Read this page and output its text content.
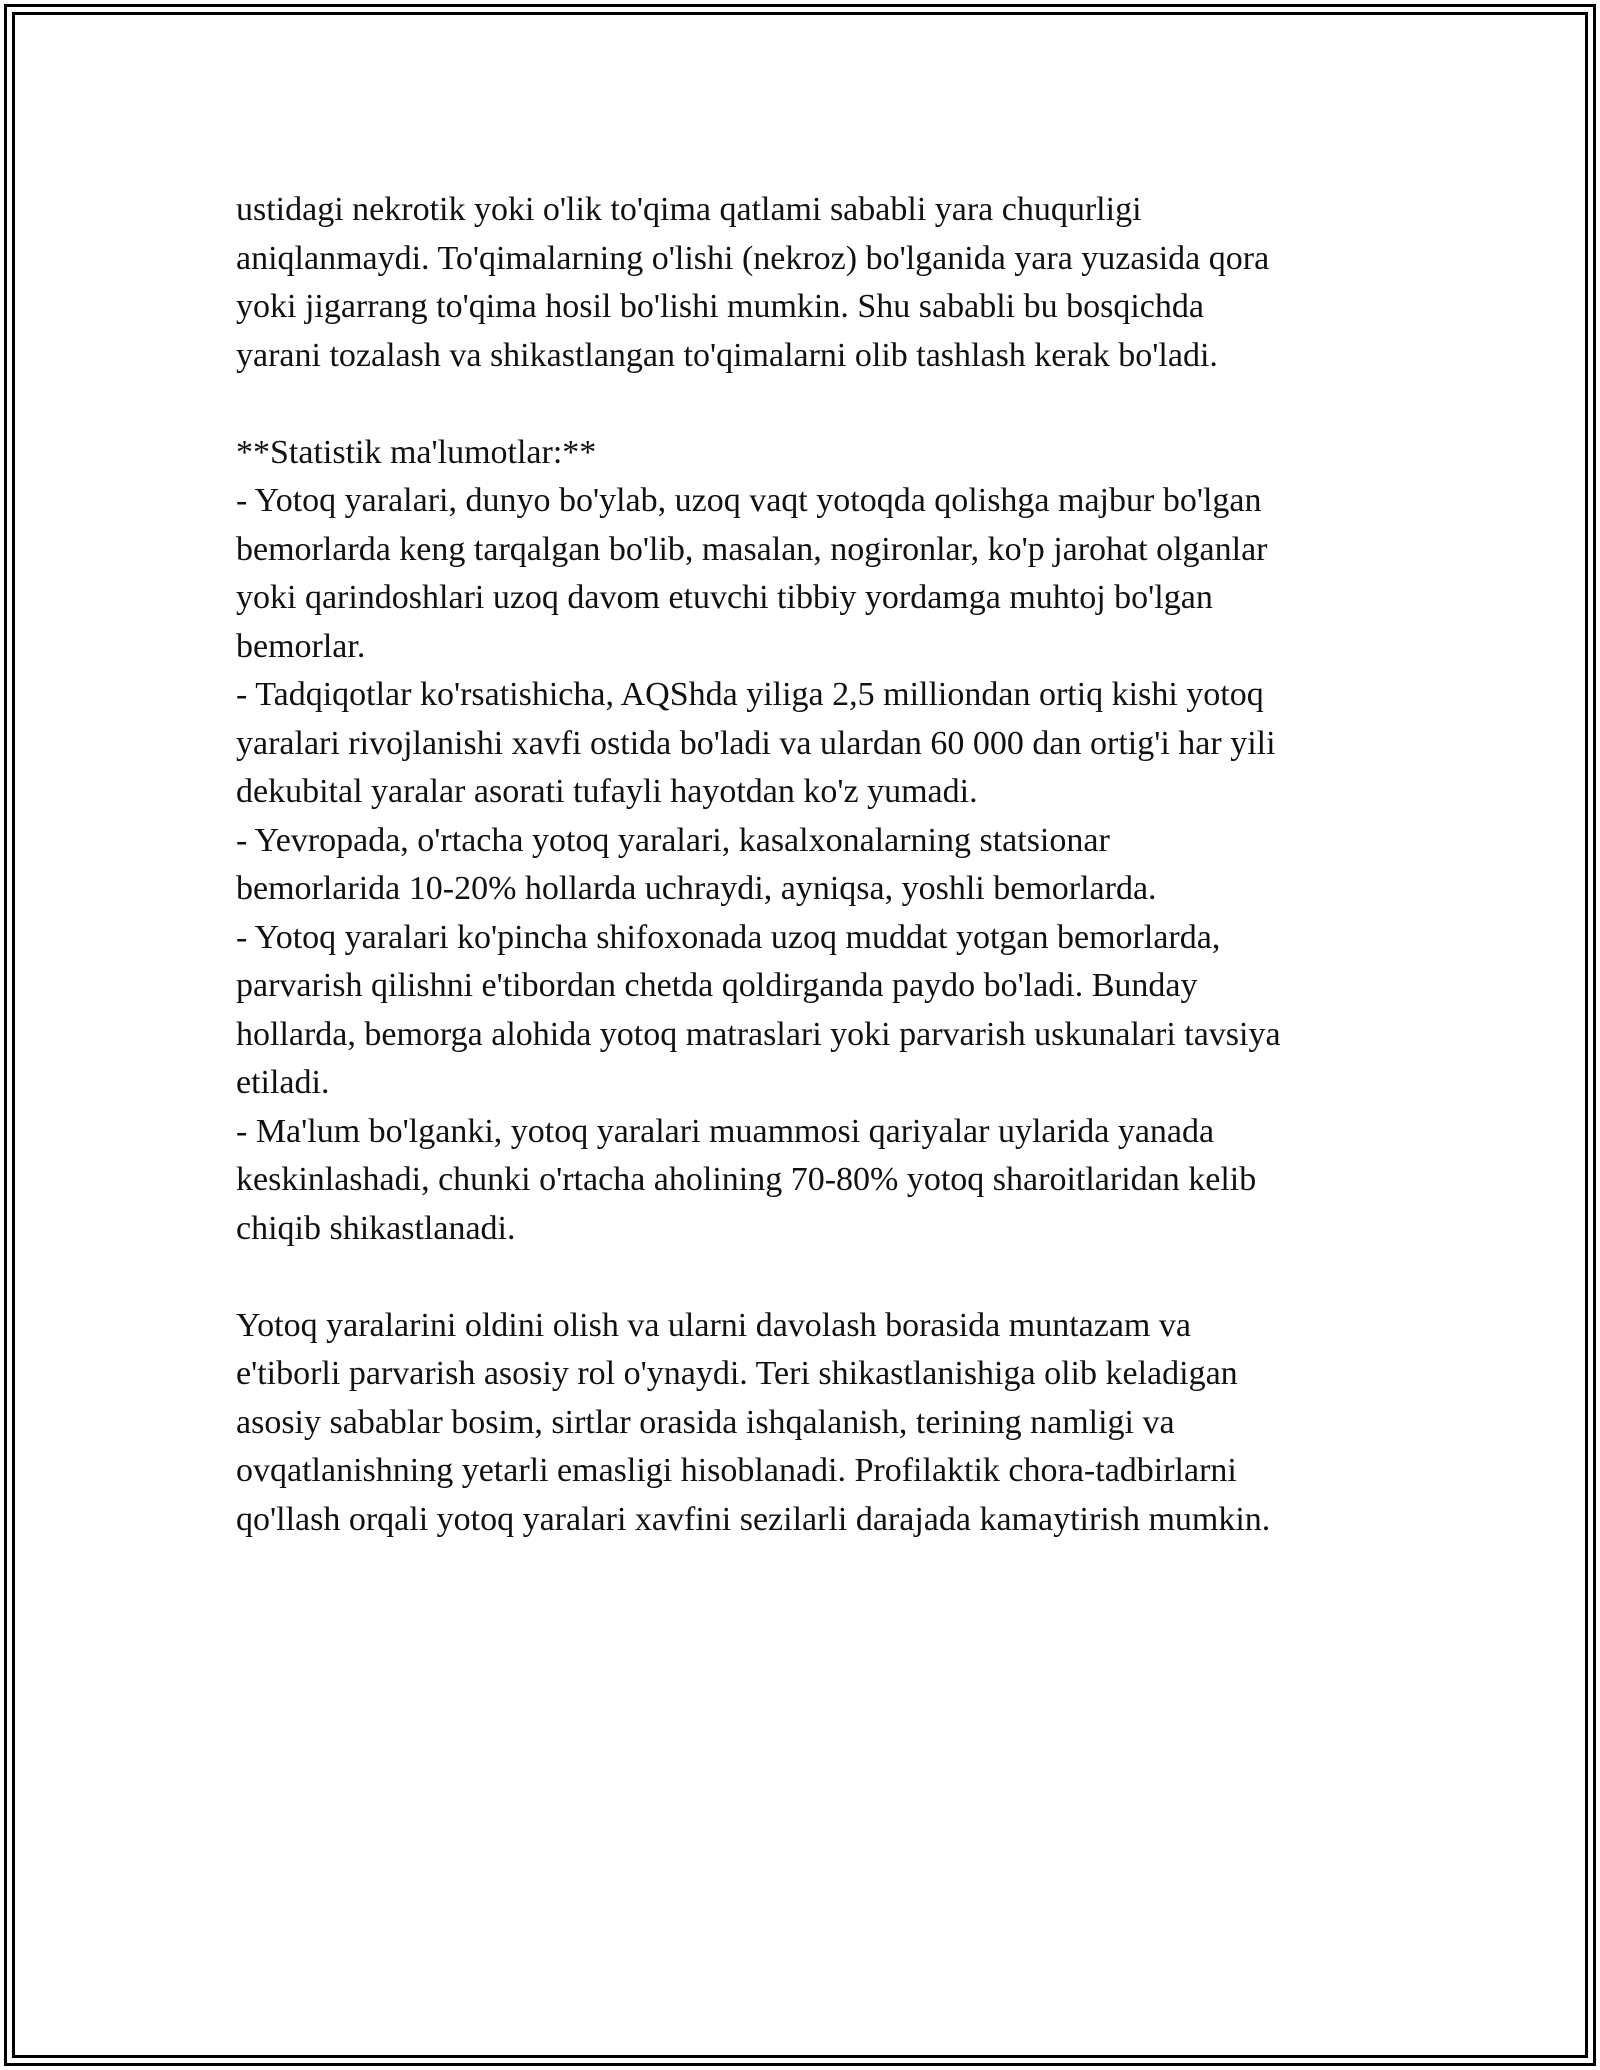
ustidagi nekrotik yoki o'lik to'qima qatlami sababli yara chuqurligi
aniqlanmaydi. To'qimalarning o'lishi (nekroz) bo'lganida yara yuzasida qora
yoki jigarrang to'qima hosil bo'lishi mumkin. Shu sababli bu bosqichda
yarani tozalash va shikastlangan to'qimalarni olib tashlash kerak bo'ladi.
**Statistik ma'lumotlar:**
- Yotoq yaralari, dunyo bo'ylab, uzoq vaqt yotoqda qolishga majbur bo'lgan
bemorlarda keng tarqalgan bo'lib, masalan, nogironlar, ko'p jarohat olganlar
yoki qarindoshlari uzoq davom etuvchi tibbiy yordamga muhtoj bo'lgan
bemorlar.
- Tadqiqotlar ko'rsatishicha, AQShda yiliga 2,5 milliondan ortiq kishi yotoq
yaralari rivojlanishi xavfi ostida bo'ladi va ulardan 60 000 dan ortig'i har yili
dekubital yaralar asorati tufayli hayotdan ko'z yumadi.
- Yevropada, o'rtacha yotoq yaralari, kasalxonalarning statsionar
bemorlarida 10-20% hollarda uchraydi, ayniqsa, yoshli bemorlarda.
- Yotoq yaralari ko'pincha shifoxonada uzoq muddat yotgan bemorlarda,
parvarish qilishni e'tibordan chetda qoldirganda paydo bo'ladi. Bunday
hollarda, bemorga alohida yotoq matraslari yoki parvarish uskunalari tavsiya
etiladi.
- Ma'lum bo'lganki, yotoq yaralari muammosi qariyalar uylarida yanada
keskinlashadi, chunki o'rtacha aholining 70-80% yotoq sharoitlaridan kelib
chiqib shikastlanadi.
Yotoq yaralarini oldini olish va ularni davolash borasida muntazam va
e'tiborli parvarish asosiy rol o'ynaydi. Teri shikastlanishiga olib keladigan
asosiy sabablar bosim, sirtlar orasida ishqalanish, terining namligi va
ovqatlanishning yetarli emasligi hisoblanadi. Profilaktik chora-tadbirlarni
qo'llash orqali yotoq yaralari xavfini sezilarli darajada kamaytirish mumkin.
